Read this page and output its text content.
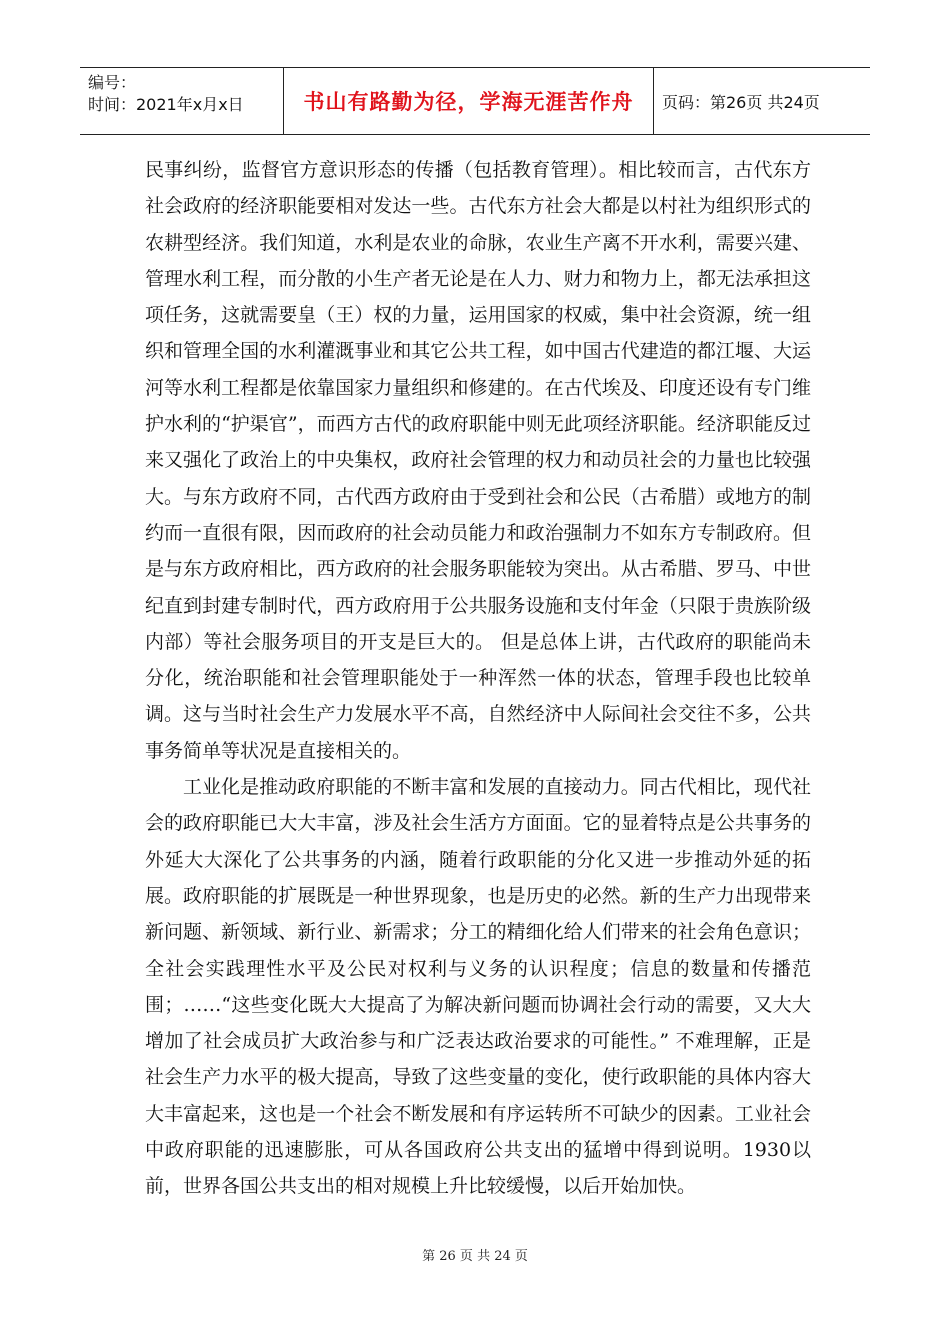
编号：
时间：2021年x月x日	书山有路勤为径，学海无涯苦作舟	页码：第26页 共24页

民事纠纷，监督官方意识形态的传播（包括教育管理）。相比较而言，古代东方社会政府的经济职能要相对发达一些。古代东方社会大都是以村社为组织形式的农耕型经济。我们知道，水利是农业的命脉，农业生产离不开水利，需要兴建、管理水利工程，而分散的小生产者无论是在人力、财力和物力上，都无法承担这项任务，这就需要皇（王）权的力量，运用国家的权威，集中社会资源，统一组织和管理全国的水利灌溉事业和其它公共工程，如中国古代建造的都江堰、大运河等水利工程都是依靠国家力量组织和修建的。在古代埃及、印度还设有专门维护水利的“护渠官”，而西方古代的政府职能中则无此项经济职能。经济职能反过来又强化了政治上的中央集权，政府社会管理的权力和动员社会的力量也比较强大。与东方政府不同，古代西方政府由于受到社会和公民（古希腊）或地方的制约而一直很有限，因而政府的社会动员能力和政治强制力不如东方专制政府。但是与东方政府相比，西方政府的社会服务职能较为突出。从古希腊、罗马、中世纪直到封建专制时代，西方政府用于公共服务设施和支付年金（只限于贵族阶级内部）等社会服务项目的开支是巨大的。 但是总体上讲，古代政府的职能尚未分化，统治职能和社会管理职能处于一种浑然一体的状态，管理手段也比较单调。这与当时社会生产力发展水平不高，自然经济中人际间社会交往不多，公共事务简单等状况是直接相关的。

工业化是推动政府职能的不断丰富和发展的直接动力。同古代相比，现代社会的政府职能已大大丰富，涉及社会生活方方面面。它的显着特点是公共事务的外延大大深化了公共事务的内涵，随着行政职能的分化又进一步推动外延的拓展。政府职能的扩展既是一种世界现象，也是历史的必然。新的生产力出现带来新问题、新领域、新行业、新需求；分工的精细化给人们带来的社会角色意识；全社会实践理性水平及公民对权利与义务的认识程度；信息的数量和传播范围；……“这些变化既大大提高了为解决新问题而协调社会行动的需要，又大大增加了社会成员扩大政治参与和广泛表达政治要求的可能性。” 不难理解，正是社会生产力水平的极大提高，导致了这些变量的变化，使行政职能的具体内容大大丰富起来，这也是一个社会不断发展和有序运转所不可缺少的因素。工业社会中政府职能的迅速膨胀，可从各国政府公共支出的猛增中得到说明。1930以前，世界各国公共支出的相对规模上升比较缓慢，以后开始加快。

第 26 页 共 24 页
